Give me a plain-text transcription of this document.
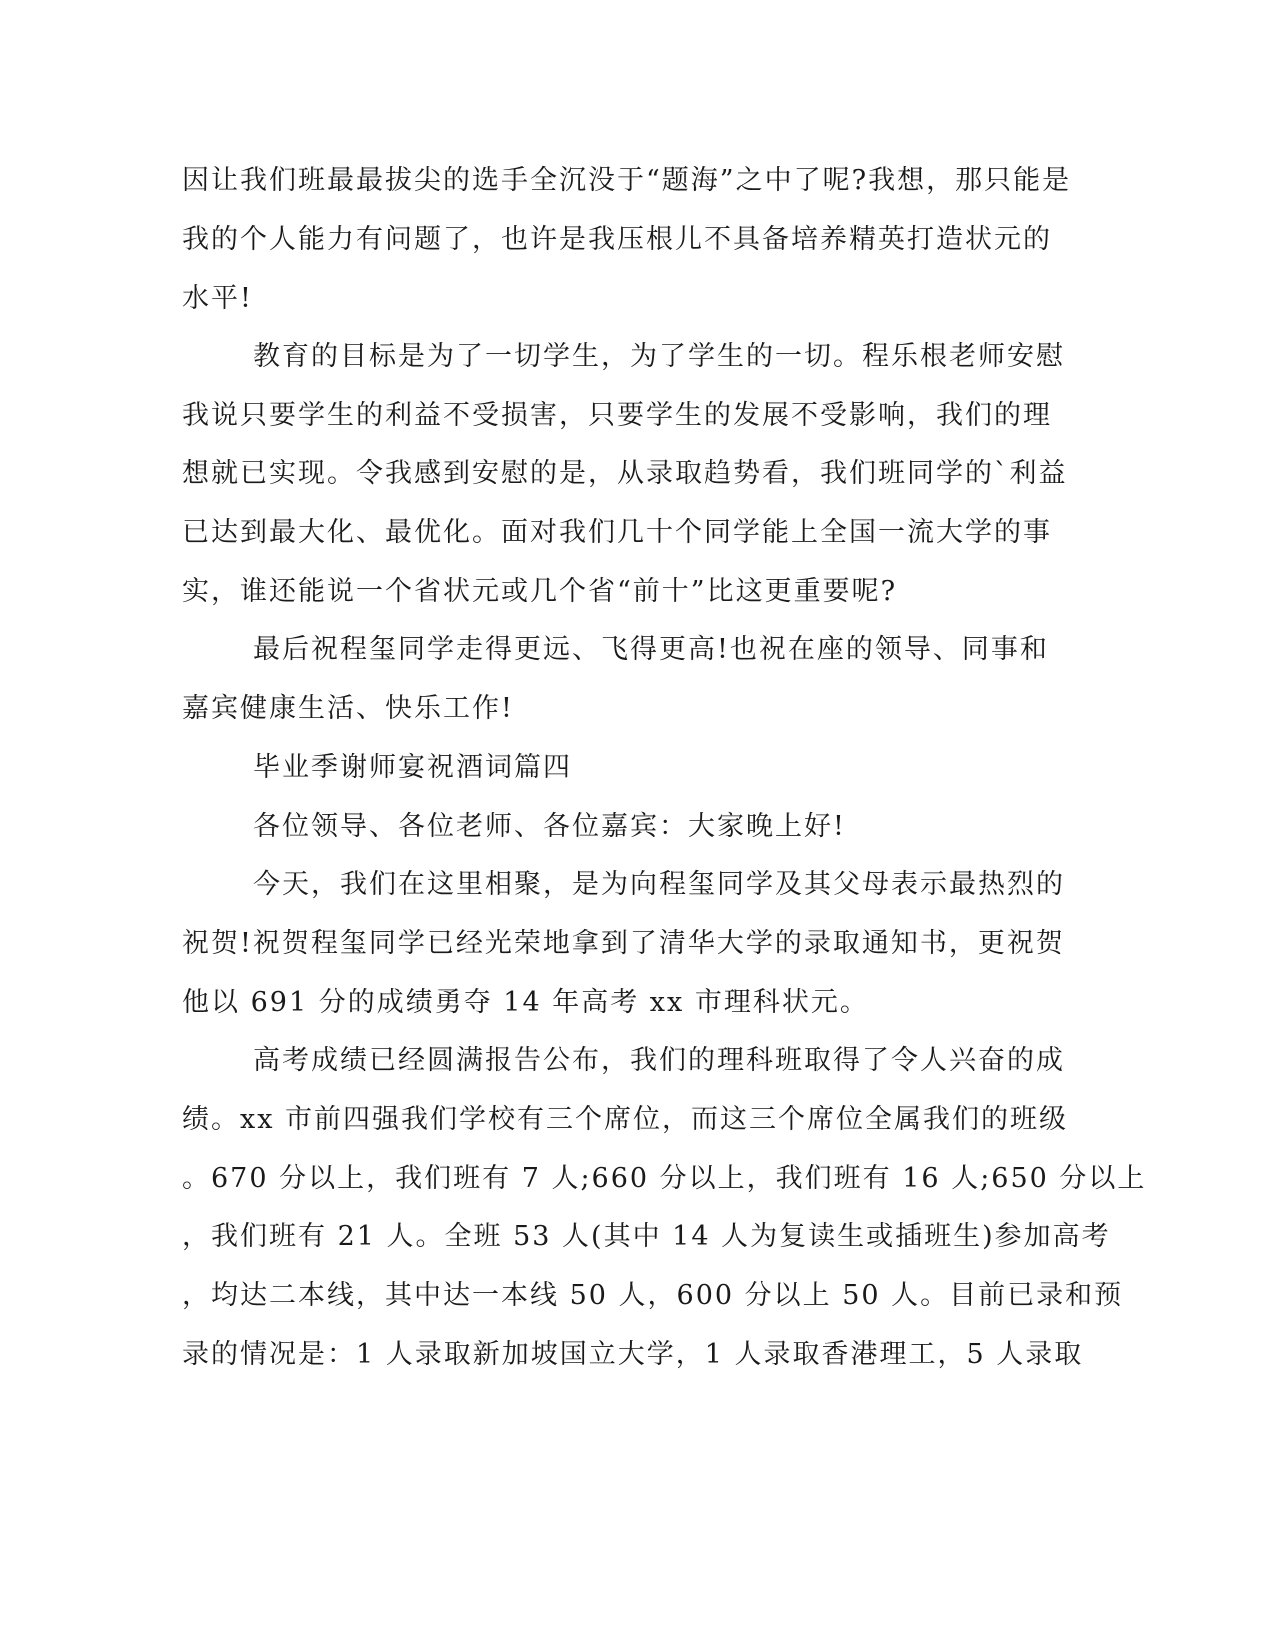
因让我们班最最拔尖的选手全沉没于“题海”之中了呢?我想，那只能是

我的个人能力有问题了，也许是我压根儿不具备培养精英打造状元的

水平!

教育的目标是为了一切学生，为了学生的一切。程乐根老师安慰

我说只要学生的利益不受损害，只要学生的发展不受影响，我们的理

想就已实现。令我感到安慰的是，从录取趋势看，我们班同学的`利益

已达到最大化、最优化。面对我们几十个同学能上全国一流大学的事

实，谁还能说一个省状元或几个省“前十”比这更重要呢?

最后祝程玺同学走得更远、飞得更高!也祝在座的领导、同事和

嘉宾健康生活、快乐工作!

毕业季谢师宴祝酒词篇四

各位领导、各位老师、各位嘉宾：大家晚上好!

今天，我们在这里相聚，是为向程玺同学及其父母表示最热烈的

祝贺!祝贺程玺同学已经光荣地拿到了清华大学的录取通知书，更祝贺

他以 691 分的成绩勇夺 14 年高考 xx 市理科状元。

高考成绩已经圆满报告公布，我们的理科班取得了令人兴奋的成

绩。xx 市前四强我们学校有三个席位，而这三个席位全属我们的班级

。670 分以上，我们班有 7 人;660 分以上，我们班有 16 人;650 分以上

，我们班有 21 人。全班 53 人(其中 14 人为复读生或插班生)参加高考

，均达二本线，其中达一本线 50 人，600 分以上 50 人。目前已录和预

录的情况是：1 人录取新加坡国立大学，1 人录取香港理工，5 人录取
